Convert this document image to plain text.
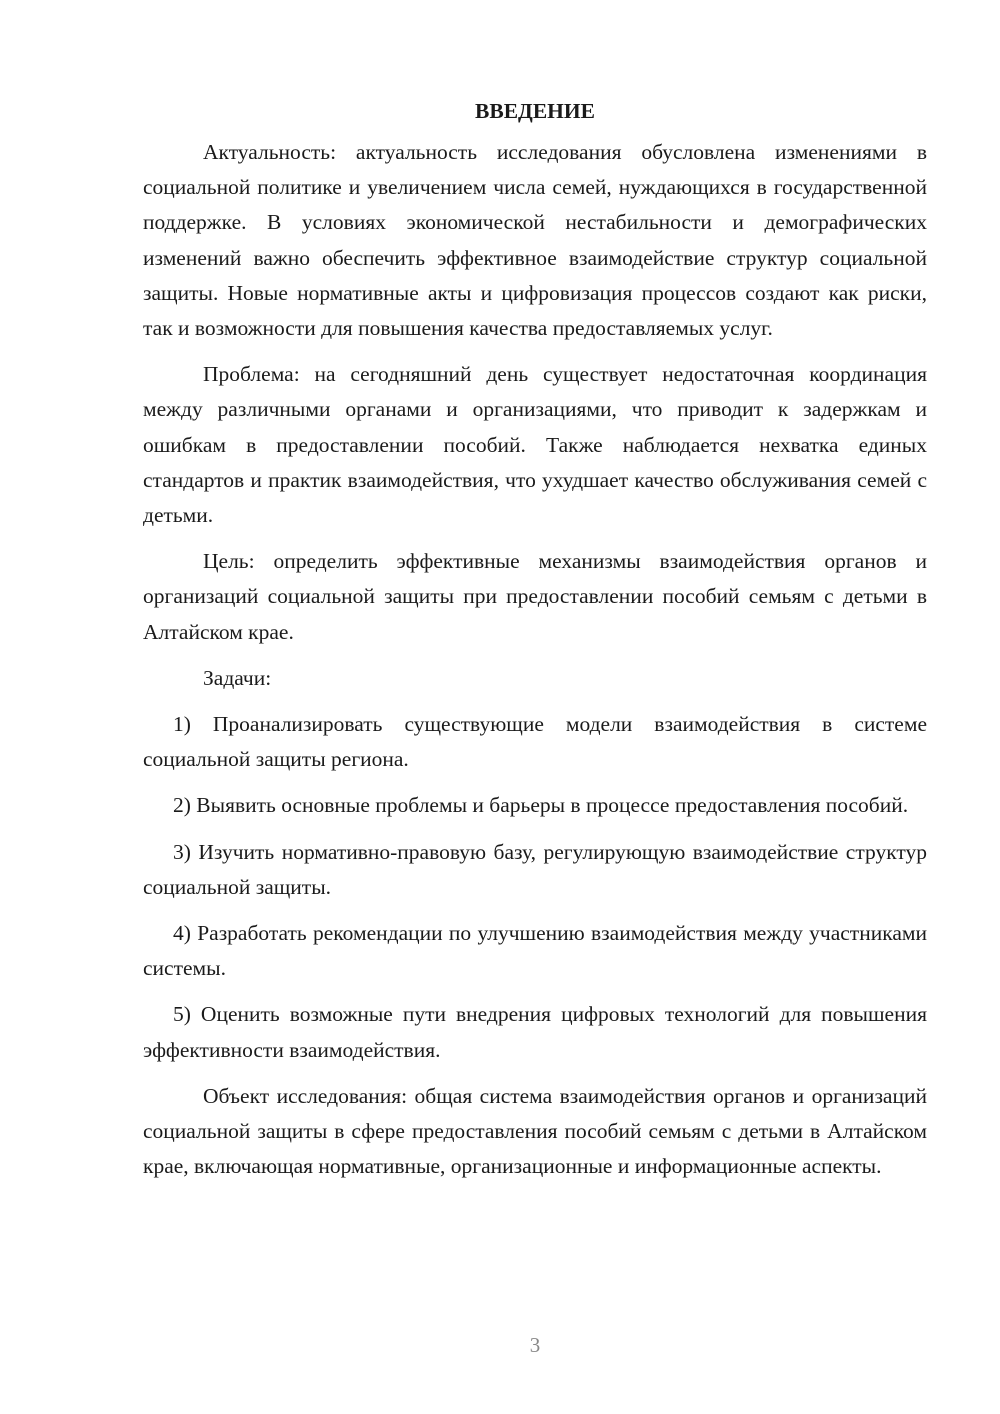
ВВЕДЕНИЕ

Актуальность: актуальность исследования обусловлена изменениями в социальной политике и увеличением числа семей, нуждающихся в государственной поддержке. В условиях экономической нестабильности и демографических изменений важно обеспечить эффективное взаимодействие структур социальной защиты. Новые нормативные акты и цифровизация процессов создают как риски, так и возможности для повышения качества предоставляемых услуг.

Проблема: на сегодняшний день существует недостаточная координация между различными органами и организациями, что приводит к задержкам и ошибкам в предоставлении пособий. Также наблюдается нехватка единых стандартов и практик взаимодействия, что ухудшает качество обслуживания семей с детьми.

Цель: определить эффективные механизмы взаимодействия органов и организаций социальной защиты при предоставлении пособий семьям с детьми в Алтайском крае.

Задачи:

1) Проанализировать существующие модели взаимодействия в системе социальной защиты региона.

2) Выявить основные проблемы и барьеры в процессе предоставления пособий.

3) Изучить нормативно-правовую базу, регулирующую взаимодействие структур социальной защиты.

4) Разработать рекомендации по улучшению взаимодействия между участниками системы.

5) Оценить возможные пути внедрения цифровых технологий для повышения эффективности взаимодействия.

Объект исследования: общая система взаимодействия органов и организаций социальной защиты в сфере предоставления пособий семьям с детьми в Алтайском крае, включающая нормативные, организационные и информационные аспекты.

3
